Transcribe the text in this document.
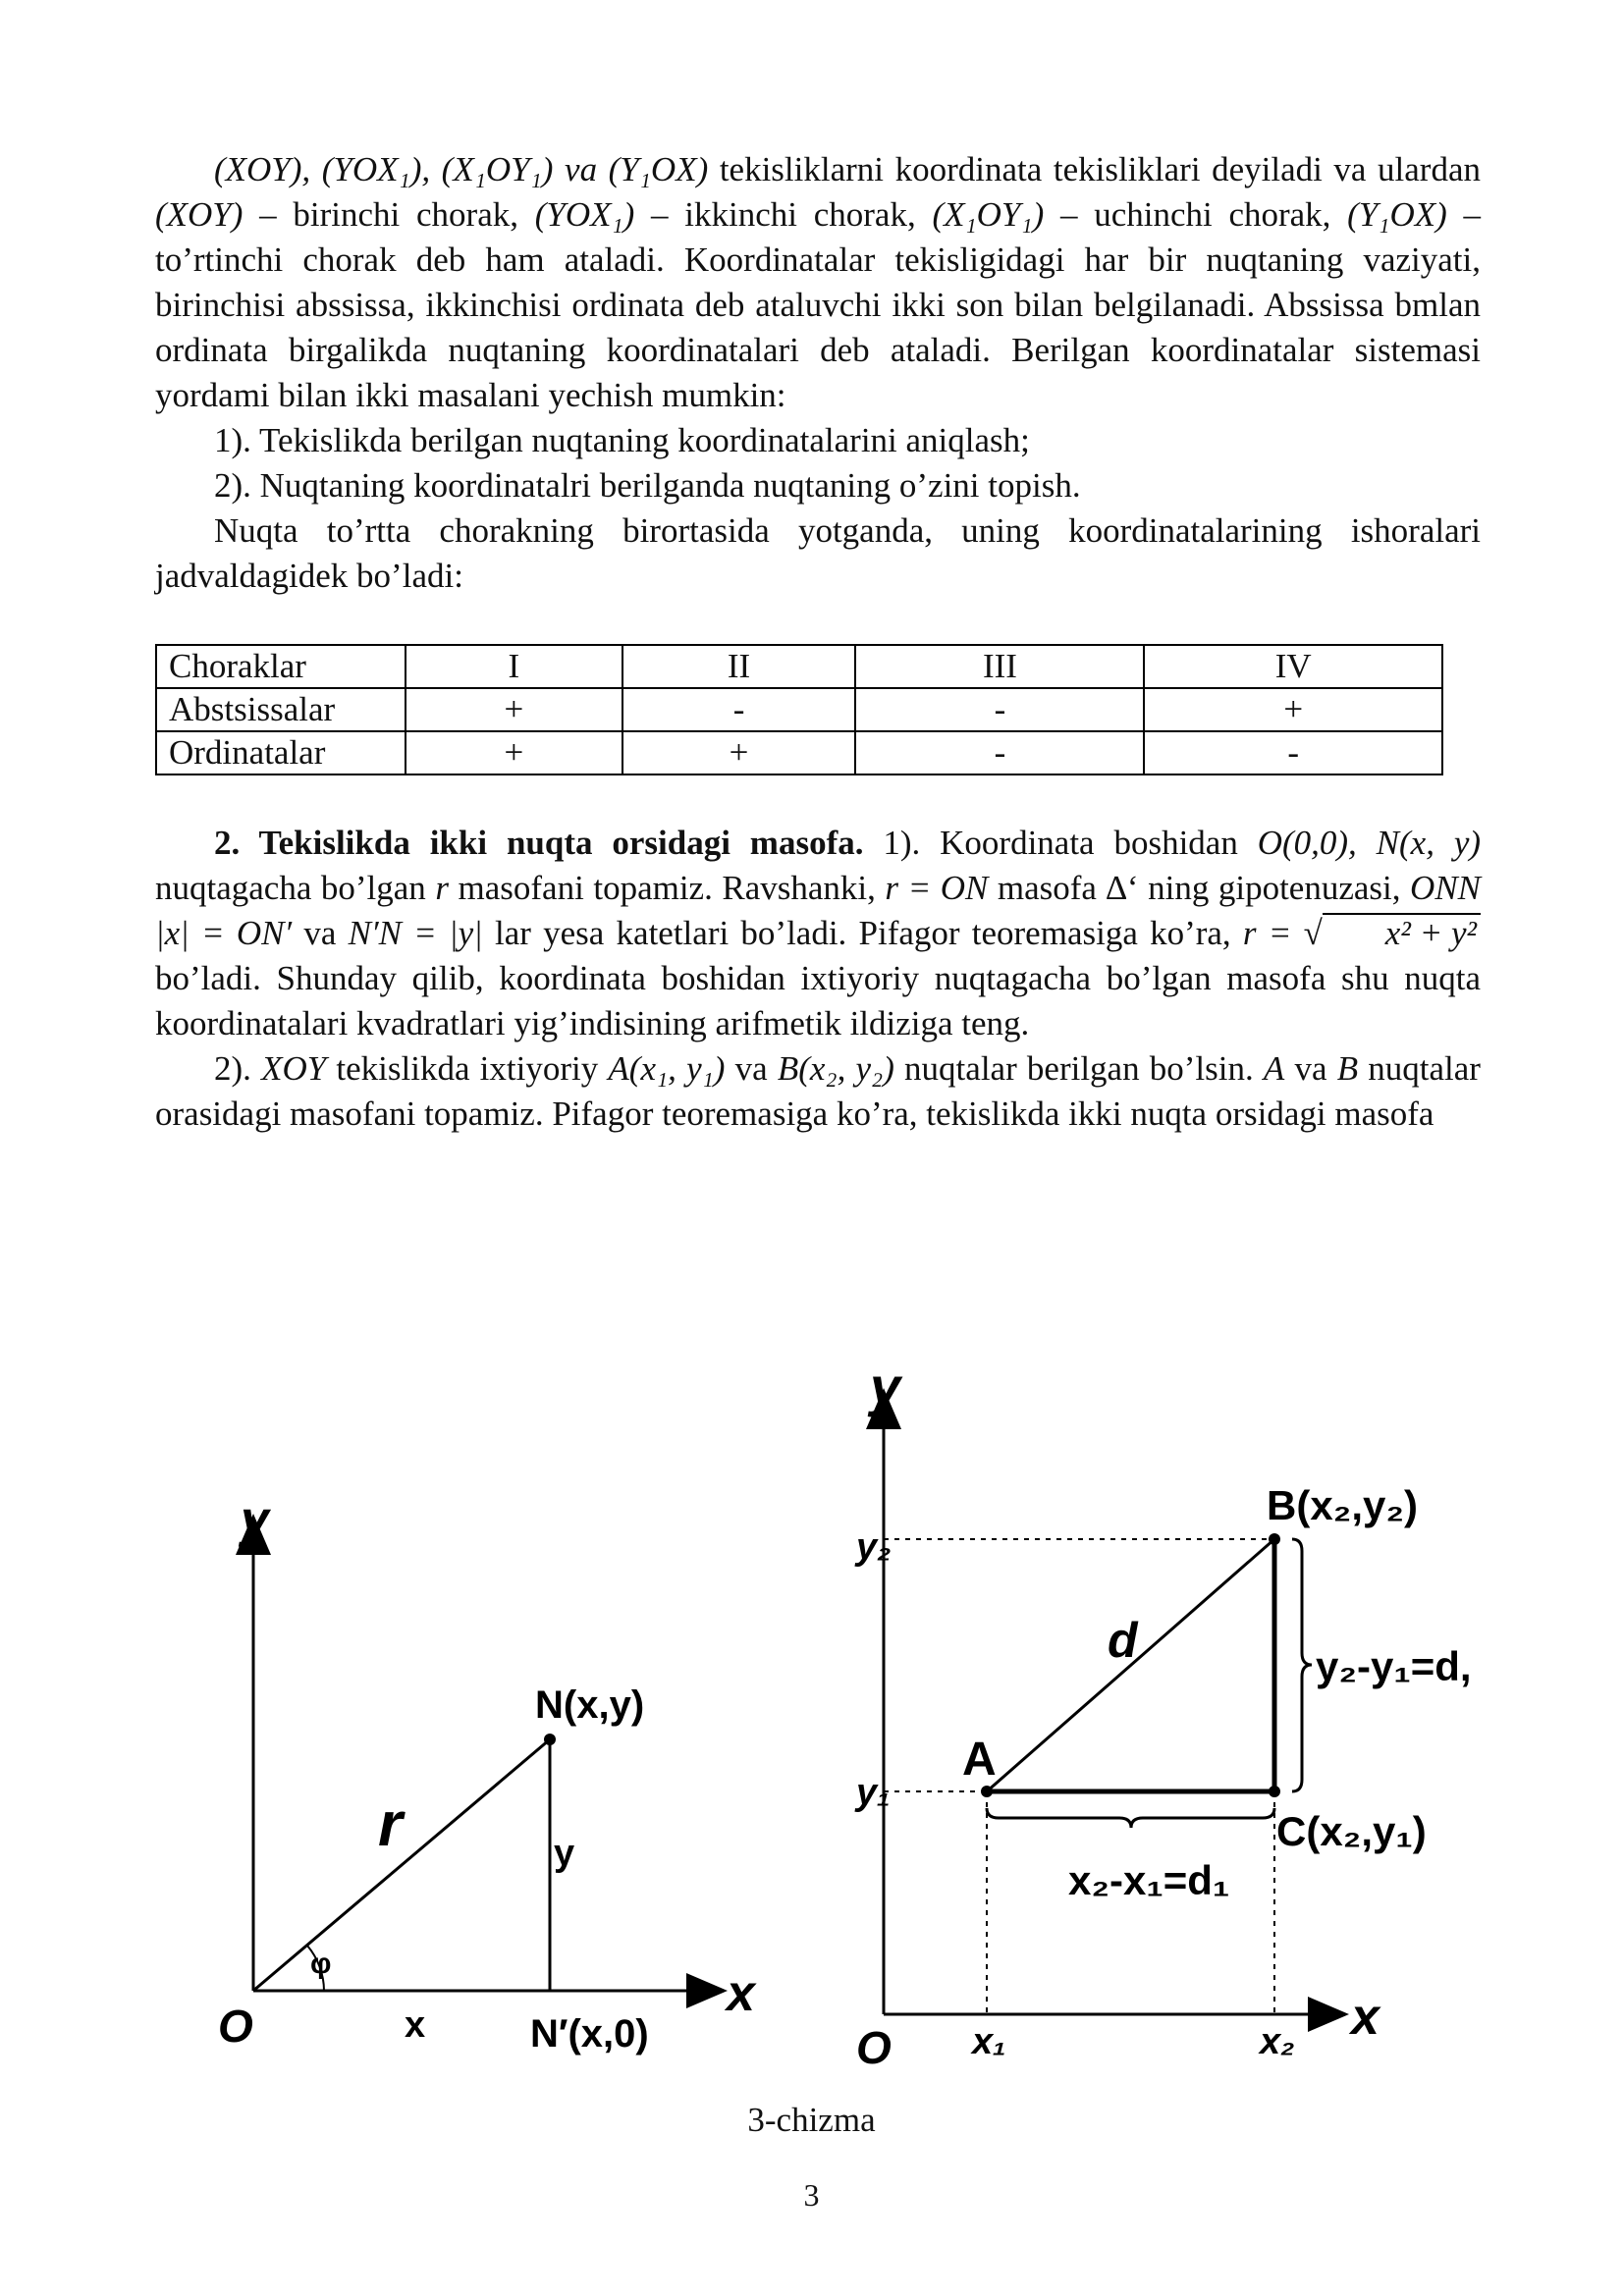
(XOY), (YOX₁), (X₁OY₁) va (Y₁OX) tekisliklarni koordinata tekisliklari deyiladi va ulardan (XOY) – birinchi chorak, (YOX₁) – ikkinchi chorak, (X₁OY₁) – uchinchi chorak, (Y₁OX) – to’rtinchi chorak deb ham ataladi. Koordinatalar tekisligidagi har bir nuqtaning vaziyati, birinchisi abssissa, ikkinchisi ordinata deb ataluvchi ikki son bilan belgilanadi. Abssissa bmlan ordinata birgalikda nuqtaning koordinatalari deb ataladi. Berilgan koordinatalar sistemasi yordami bilan ikki masalani yechish mumkin:

1). Tekislikda berilgan nuqtaning koordinatalarini aniqlash;

2). Nuqtaning koordinatalri berilganda nuqtaning o’zini topish.

Nuqta to’rtta chorakning birortasida yotganda, uning koordinatalarining ishoralari jadvaldagidek bo’ladi:

Choraklar	I	II	III	IV
Abstsissalar	+	-	-	+
Ordinatalar	+	+	-	-

2. Tekislikda ikki nuqta orsidagi masofa. 1). Koordinata boshidan O(0,0), N(x, y) nuqtagacha bo’lgan r masofani topamiz. Ravshanki, r = ON masofa ∆‘ ning gipotenuzasi, ONN |x| = ON′ va N′N = |y| lar yesa katetlari bo’ladi. Pifagor teoremasiga ko’ra, r = √ x² + y² bo’ladi. Shunday qilib, koordinata boshidan ixtiyoriy nuqtagacha bo’lgan masofa shu nuqta koordinatalari kvadratlari yig’indisining arifmetik ildiziga teng.

2). XOY tekislikda ixtiyoriy A(x₁, y₁) va B(x₂, y₂) nuqtalar berilgan bo’lsin. A va B nuqtalar orasidagi masofani topamiz. Pifagor teoremasiga ko’ra, tekislikda ikki nuqta orsidagi masofa

y
x
O
N(x,y)
N′(x,0)
r
x
y
φ
y
x
O
y₂
y₁
x₁	x₂
A
B(x₂,y₂)
C(x₂,y₁)
d	y₂-y₁=d,
x₂-x₁=d₁
3-chizma
3
